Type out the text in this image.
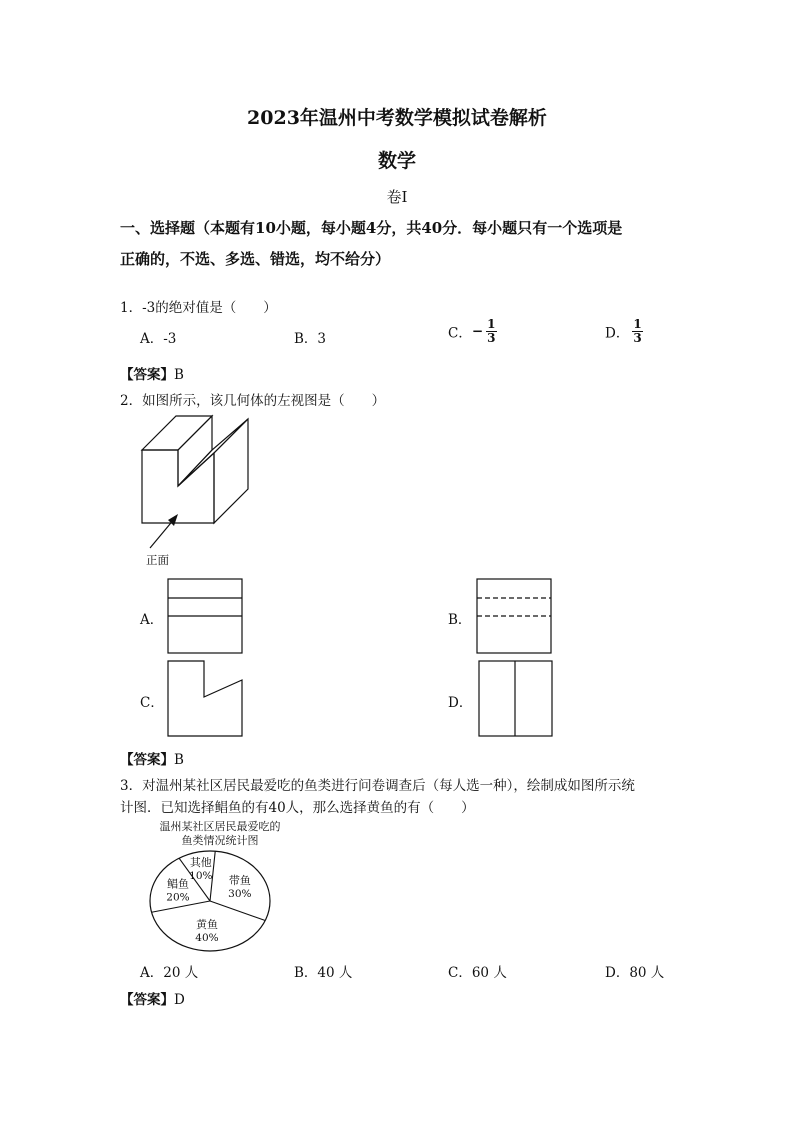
2023年温州中考数学模拟试卷解析
数学
卷Ⅰ
一、选择题（本题有10小题，每小题4分，共40分．每小题只有一个选项是
正确的，不选、多选、错选，均不给分）
1．-3的绝对值是（　　）
A．-3	B．3	C．− $\frac{1}{3}$	D． $\frac{1}{3}$
【答案】B
2．如图所示，该几何体的左视图是（　　）
正面
A．	B．
C．	D．
【答案】B
3．对温州某社区居民最爱吃的鱼类进行问卷调查后（每人选一种），绘制成如图所示统
计图．已知选择鲳鱼的有40人，那么选择黄鱼的有（　　）
温州某社区居民最爱吃的
鱼类情况统计图
带鱼
30%
黄鱼
40%
鲳鱼
20%
其他
10%
A．20 人	B．40 人	C．60 人	D．80 人
【答案】D
